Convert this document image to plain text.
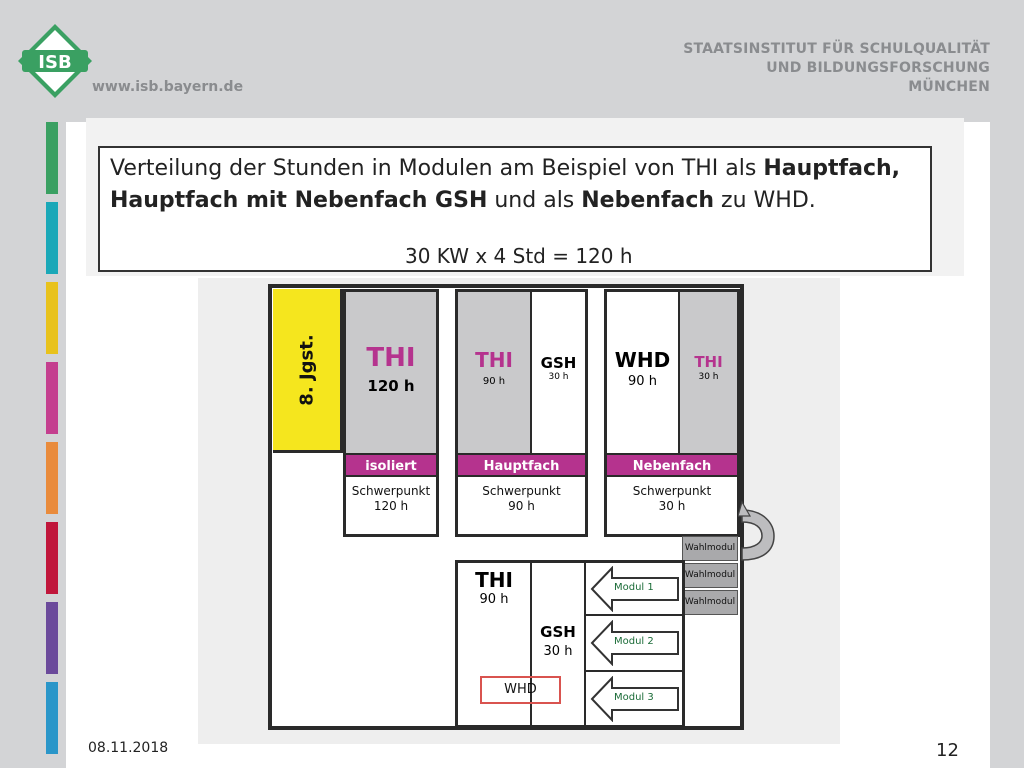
ISB
www.isb.bayern.de
STAATSINSTITUT FÜR SCHULQUALITÄT
UND BILDUNGSFORSCHUNG
MÜNCHEN
Verteilung der Stunden in Modulen am Beispiel von THI als Hauptfach,
Hauptfach mit Nebenfach GSH und als Nebenfach zu WHD.
30 KW x 4 Std = 120 h
8. Jgst.	THI
120 h
isoliert
Schwerpunkt
120 h
THI
90 h
GSH
30 h
Hauptfach
Schwerpunkt
90 h
WHD
90 h
THI
30 h
Nebenfach
Schwerpunkt
30 h
Wahlmodul
Wahlmodul
Wahlmodul
THI
90 h
GSH
30 h
WHD
Modul 1
Modul 2
Modul 3
08.11.2018	12
